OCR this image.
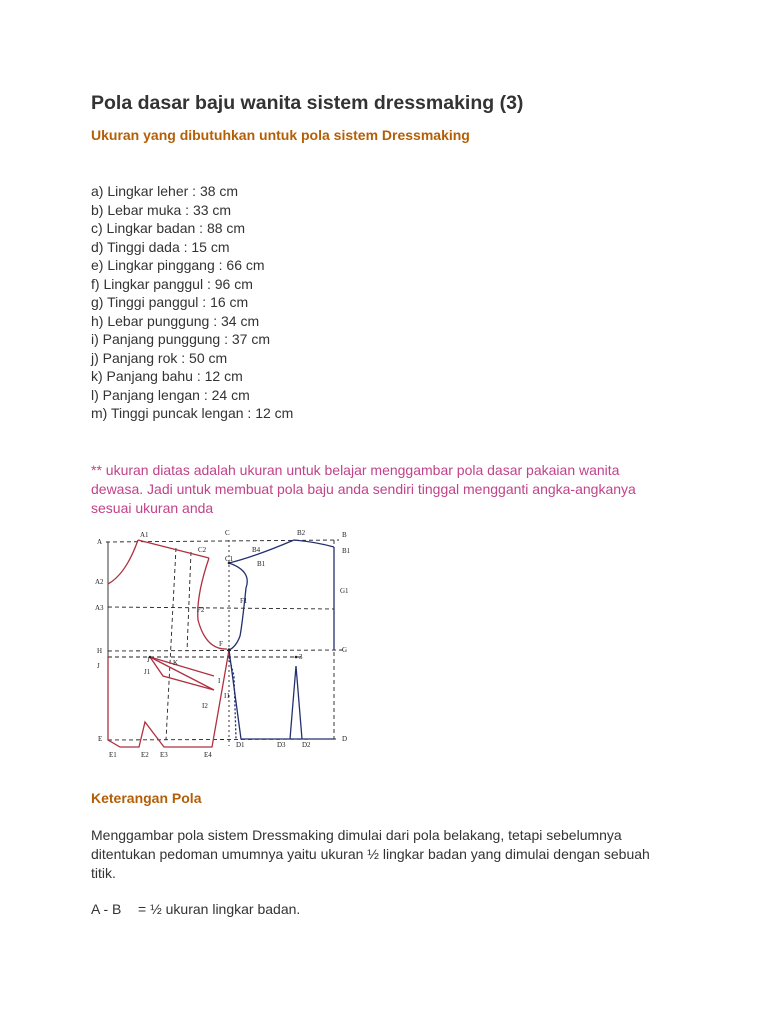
Pola dasar baju wanita sistem dressmaking (3)
Ukuran yang dibutuhkan untuk pola sistem Dressmaking
a) Lingkar leher : 38 cm
b) Lebar muka : 33 cm
c) Lingkar badan : 88 cm
d) Tinggi dada : 15 cm
e) Lingkar pinggang : 66 cm
f) Lingkar panggul : 96 cm
g) Tinggi panggul : 16 cm
h) Lebar punggung : 34 cm
i) Panjang punggung : 37 cm
j) Panjang rok : 50 cm
k) Panjang bahu : 12 cm
l) Panjang lengan : 24 cm
m) Tinggi puncak lengan : 12 cm

** ukuran diatas adalah ukuran untuk belajar menggambar pola dasar pakaian wanita dewasa. Jadi untuk membuat pola baju anda sendiri tinggal mengganti angka-angkanya sesuai ukuran anda

A
A1
A2
A3
C
C1
C2
B2	B
B1
B4
B1
G1
F1
F2
F
G
H
J
J
J1
K
3
I
I1
I2
E	D
E1	E2 E3	E4
D1	D3 D2
Keterangan Pola

Menggambar pola sistem Dressmaking dimulai dari pola belakang, tetapi sebelumnya ditentukan pedoman umumnya yaitu ukuran ½ lingkar badan yang dimulai dengan sebuah titik.

A - B = ½ ukuran lingkar badan.
